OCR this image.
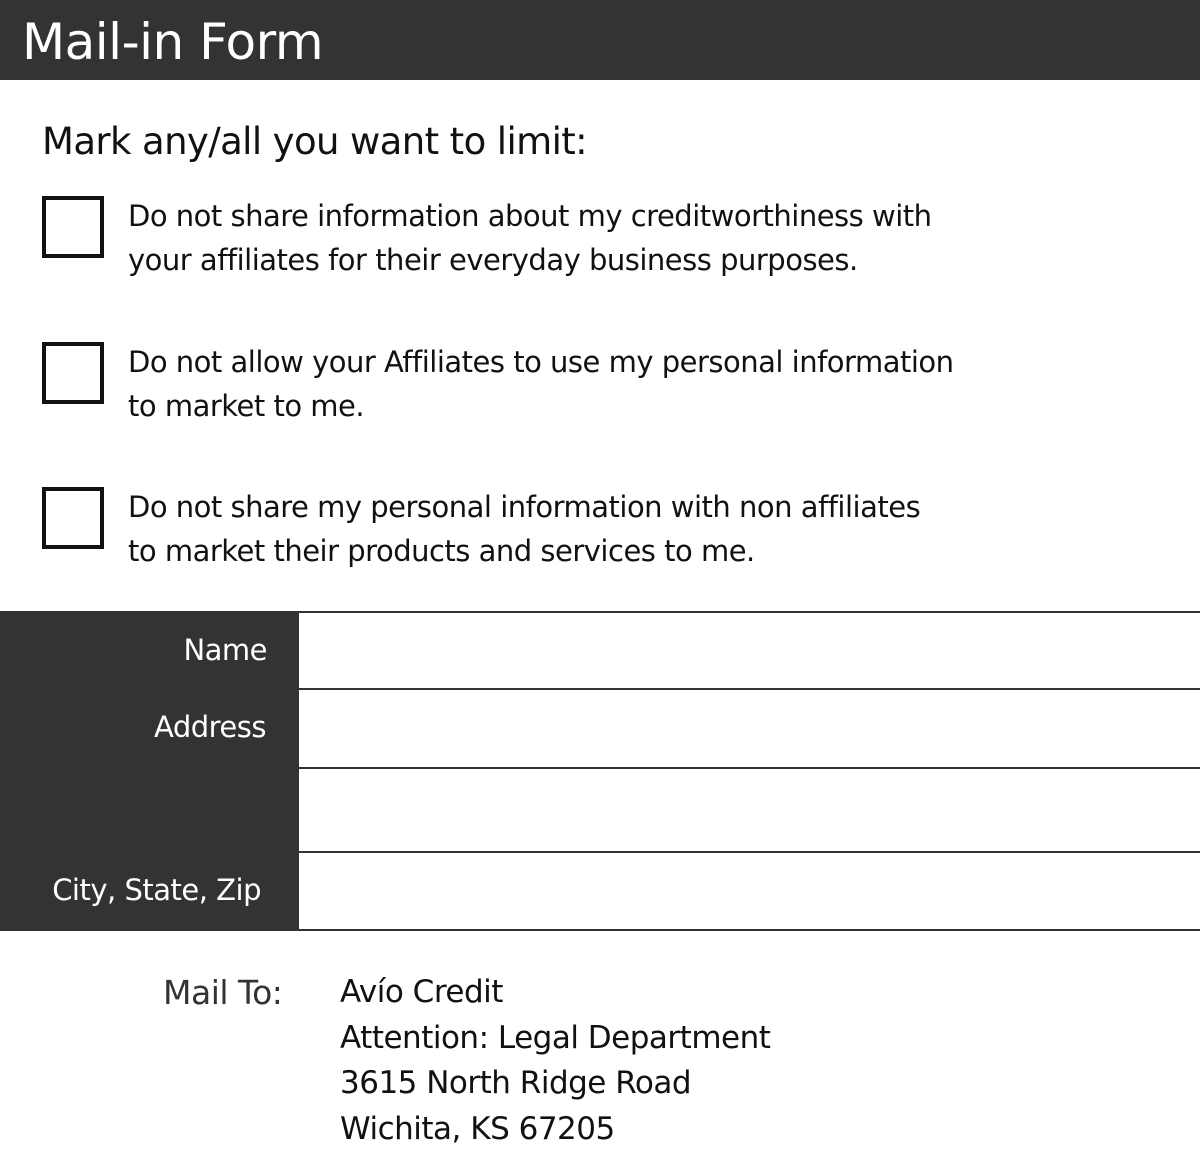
Mail-in Form
Mark any/all you want to limit:
Do not share information about my creditworthiness with
your affiliates for their everyday business purposes.
Do not allow your Affiliates to use my personal information
to market to me.
Do not share my personal information with non affiliates
to market their products and services to me.
Name
Address
City, State, Zip
Mail To: Avío Credit
Attention: Legal Department
3615 North Ridge Road
Wichita, KS 67205
